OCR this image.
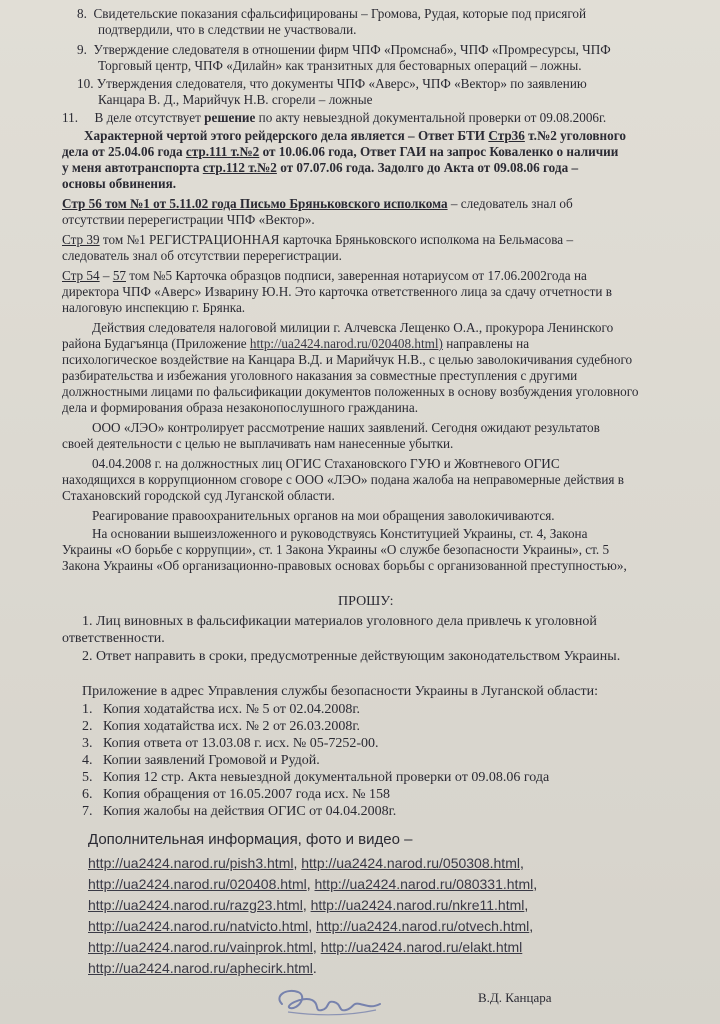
8. Свидетельские показания сфальсифицированы – Громова, Рудая, которые под присягой
подтвердили, что в следствии не участвовали.
9. Утверждение следователя в отношении фирм ЧПФ «Промснаб», ЧПФ «Промресурсы, ЧПФ
Торговый центр, ЧПФ «Дилайн» как транзитных для бестоварных операций – ложны.
10. Утверждения следователя, что документы ЧПФ «Аверс», ЧПФ «Вектор» по заявлению
Канцара В. Д., Марийчук Н.В. сгорели – ложные
11. В деле отсутствует решение по акту невыездной документальной проверки от 09.08.2006г.
Характерной чертой этого рейдерского дела является – Ответ БТИ Стр36 т.№2 уголовного
дела от 25.04.06 года стр.111 т.№2 от 10.06.06 года, Ответ ГАИ на запрос Коваленко о наличии
у меня автотранспорта стр.112 т.№2 от 07.07.06 года. Задолго до Акта от 09.08.06 года –
основы обвинения.
Стр 56 том №1 от 5.11.02 года Письмо Бряньковского исполкома – следователь знал об
отсутствии перерегистрации ЧПФ «Вектор».
Стр 39 том №1 РЕГИСТРАЦИОННАЯ карточка Бряньковского исполкома на Бельмасова –
следователь знал об отсутствии перерегистрации.
Стр 54 – 57 том №5 Карточка образцов подписи, заверенная нотариусом от 17.06.2002года на
директора ЧПФ «Аверс» Изварину Ю.Н. Это карточка ответственного лица за сдачу отчетности в
налоговую инспекцию г. Брянка.
Действия следователя налоговой милиции г. Алчевска Лещенко О.А., прокурора Ленинского
района Будагъянца (Приложение http://ua2424.narod.ru/020408.html) направлены на
психологическое воздействие на Канцара В.Д. и Марийчук Н.В., с целью заволокичивания судебного
разбирательства и избежания уголовного наказания за совместные преступления с другими
должностными лицами по фальсификации документов положенных в основу возбуждения уголовного
дела и формирования образа незаконопослушного гражданина.
ООО «ЛЭО» контролирует рассмотрение наших заявлений. Сегодня ожидают результатов
своей деятельности с целью не выплачивать нам нанесенные убытки.
04.04.2008 г. на должностных лиц ОГИС Стахановского ГУЮ и Жовтневого ОГИС
находящихся в коррупционном сговоре с ООО «ЛЭО» подана жалоба на неправомерные действия в
Стахановский городской суд Луганской области.
Реагирование правоохранительных органов на мои обращения заволокичиваются.
На основании вышеизложенного и руководствуясь Конституцией Украины, ст. 4, Закона
Украины «О борьбе с коррупции», ст. 1 Закона Украины «О службе безопасности Украины», ст. 5
Закона Украины «Об организационно-правовых основах борьбы с организованной преступностью»,
ПРОШУ:
1. Лиц виновных в фальсификации материалов уголовного дела привлечь к уголовной
ответственности.
2. Ответ направить в сроки, предусмотренные действующим законодательством Украины.
Приложение в адрес Управления службы безопасности Украины в Луганской области:
1. Копия ходатайства исх. № 5 от 02.04.2008г.
2. Копия ходатайства исх. № 2 от 26.03.2008г.
3. Копия ответа от 13.03.08 г. исх. № 05-7252-00.
4. Копии заявлений Громовой и Рудой.
5. Копия 12 стр. Акта невыездной документальной проверки от 09.08.06 года
6. Копия обращения от 16.05.2007 года исх. № 158
7. Копия жалобы на действия ОГИС от 04.04.2008г.
Дополнительная информация, фото и видео –
http://ua2424.narod.ru/pish3.html, http://ua2424.narod.ru/050308.html,
http://ua2424.narod.ru/020408.html, http://ua2424.narod.ru/080331.html,
http://ua2424.narod.ru/razg23.html, http://ua2424.narod.ru/nkre11.html,
http://ua2424.narod.ru/natvicto.html, http://ua2424.narod.ru/otvech.html,
http://ua2424.narod.ru/vainprok.html, http://ua2424.narod.ru/elakt.html
http://ua2424.narod.ru/aphecirk.html.
В.Д. Канцара
